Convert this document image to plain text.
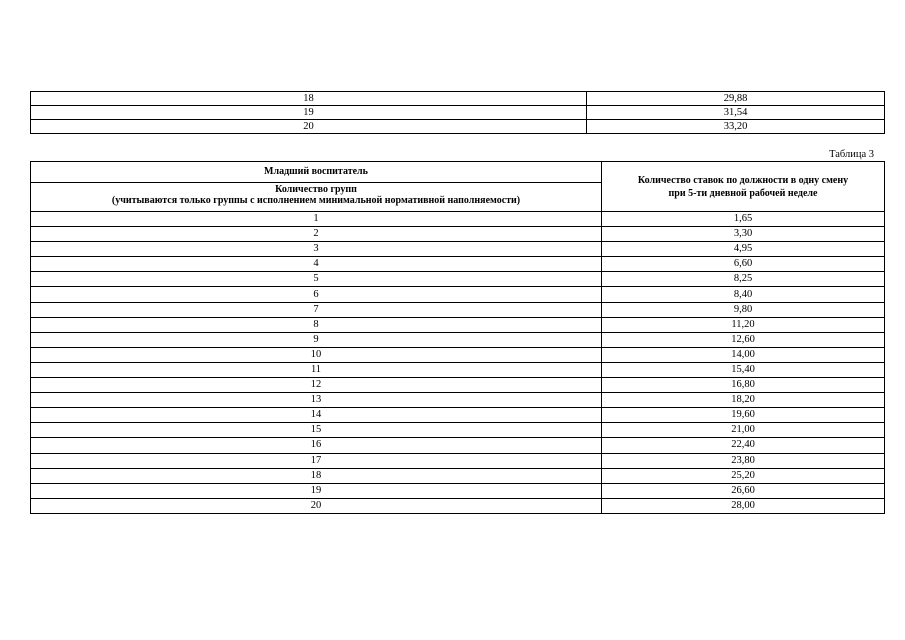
18	29,88
19	31,54
20	33,20
Таблица 3
Младший воспитатель	Количество ставок по должности в одну смену
при 5-ти дневной рабочей неделе

Количество групп
(учитываются только группы с исполнением минимальной нормативной наполняемости)	

1	1,65
2	3,30
3	4,95
4	6,60
5	8,25
6	8,40
7	9,80
8	11,20
9	12,60
10	14,00
11	15,40
12	16,80
13	18,20
14	19,60
15	21,00
16	22,40
17	23,80
18	25,20
19	26,60
20	28,00
